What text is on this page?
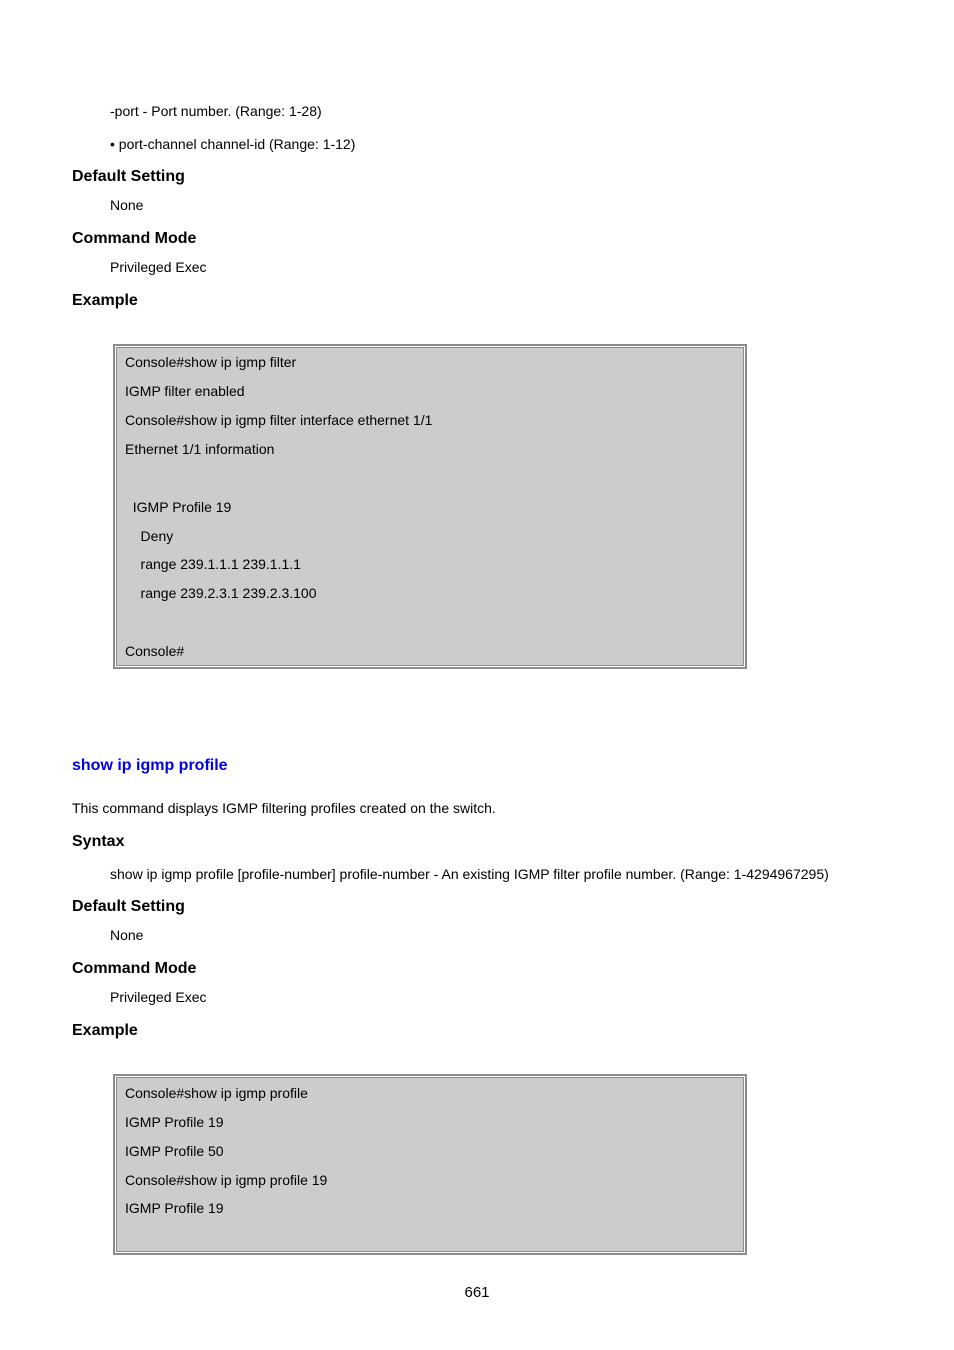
-port - Port number. (Range: 1-28)
• port-channel channel-id (Range: 1-12)
Default Setting
None
Command Mode
Privileged Exec
Example
Console#show ip igmp filter
IGMP filter enabled
Console#show ip igmp filter interface ethernet 1/1
Ethernet 1/1 information
IGMP Profile 19
Deny
range 239.1.1.1 239.1.1.1
range 239.2.3.1 239.2.3.100
Console#
show ip igmp profile
This command displays IGMP filtering profiles created on the switch.
Syntax
show ip igmp profile [profile-number] profile-number - An existing IGMP filter profile number. (Range: 1-4294967295)
Default Setting
None
Command Mode
Privileged Exec
Example
Console#show ip igmp profile
IGMP Profile 19
IGMP Profile 50
Console#show ip igmp profile 19
IGMP Profile 19
661
